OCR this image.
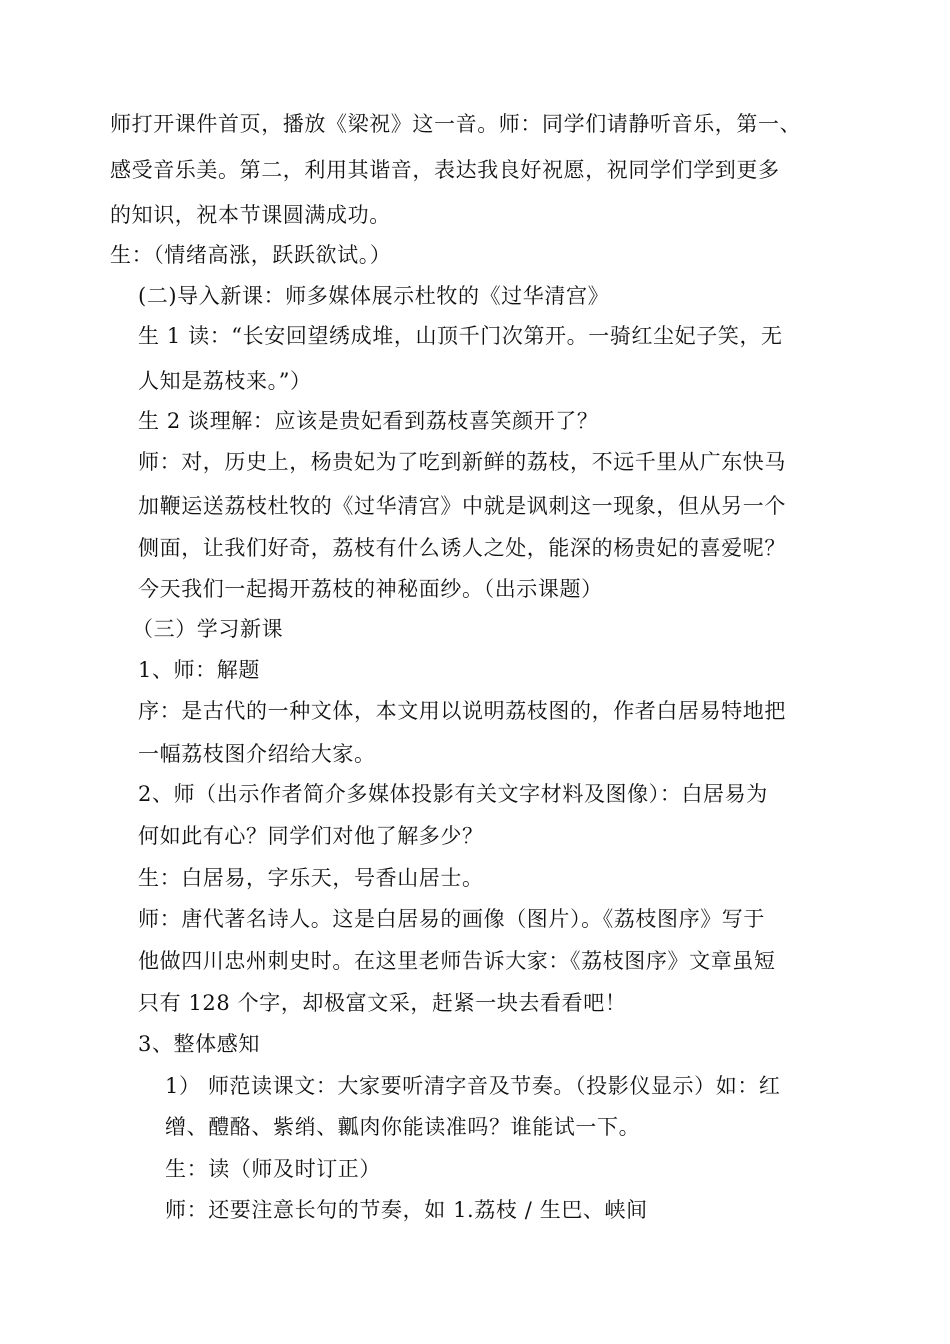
师打开课件首页，播放《梁祝》这一音。师：同学们请静听音乐，第一、
感受音乐美。第二，利用其谐音，表达我良好祝愿，祝同学们学到更多
的知识，祝本节课圆满成功。
生：（情绪高涨，跃跃欲试。）
(二)导入新课：师多媒体展示杜牧的《过华清宫》
生 1 读：“长安回望绣成堆，山顶千门次第开。一骑红尘妃子笑，无
人知是荔枝来。”）
生 2 谈理解：应该是贵妃看到荔枝喜笑颜开了？
师：对，历史上，杨贵妃为了吃到新鲜的荔枝，不远千里从广东快马
加鞭运送荔枝杜牧的《过华清宫》中就是讽刺这一现象，但从另一个
侧面，让我们好奇，荔枝有什么诱人之处，能深的杨贵妃的喜爱呢？
今天我们一起揭开荔枝的神秘面纱。（出示课题）
（三）学习新课
1、师：解题
序：是古代的一种文体，本文用以说明荔枝图的，作者白居易特地把
一幅荔枝图介绍给大家。
2、师（出示作者简介多媒体投影有关文字材料及图像）：白居易为
何如此有心？同学们对他了解多少？
生：白居易，字乐天，号香山居士。
师：唐代著名诗人。这是白居易的画像（图片）。《荔枝图序》写于
他做四川忠州刺史时。在这里老师告诉大家：《荔枝图序》文章虽短
只有 128 个字，却极富文采，赶紧一块去看看吧！
3、整体感知
1） 师范读课文：大家要听清字音及节奏。（投影仪显示）如：红
缯、醴酪、紫绡、瓤肉你能读准吗？谁能试一下。
生：读（师及时订正）
师：还要注意长句的节奏，如 1.荔枝 / 生巴、峡间
